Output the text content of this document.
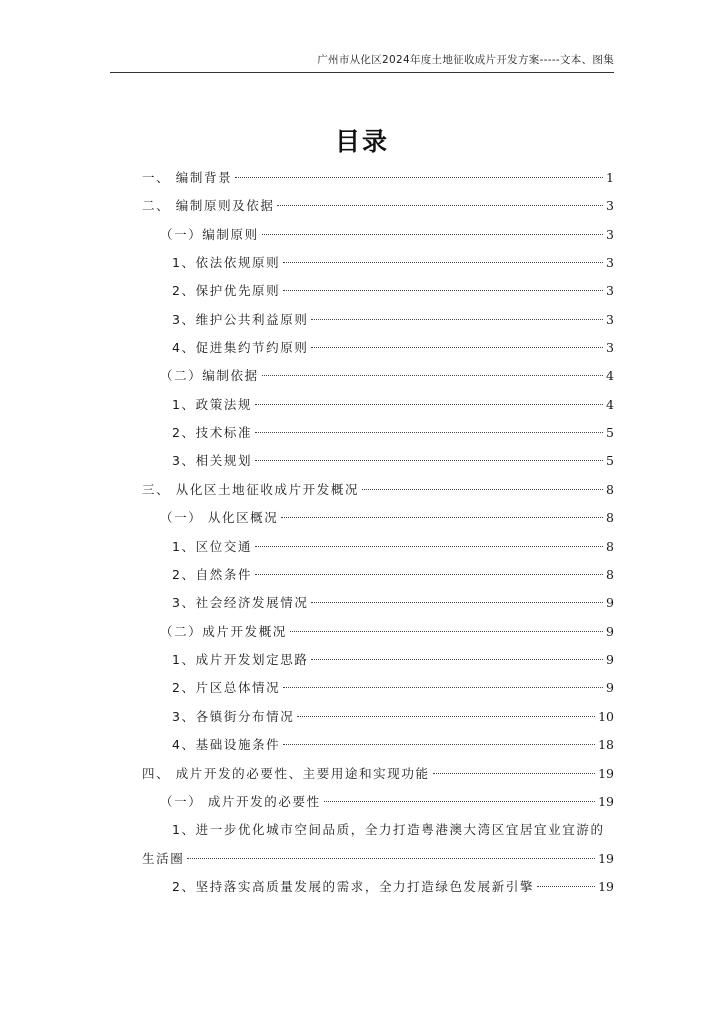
广州市从化区2024年度土地征收成片开发方案-----文本、图集
目录
一、 编制背景	1
二、 编制原则及依据	3
（一）编制原则	3
1、依法依规原则	3
2、保护优先原则	3
3、维护公共利益原则	3
4、促进集约节约原则	3
（二）编制依据	4
1、政策法规	4
2、技术标准	5
3、相关规划	5
三、 从化区土地征收成片开发概况	8
（一） 从化区概况	8
1、区位交通	8
2、自然条件	8
3、社会经济发展情况	9
（二）成片开发概况	9
1、成片开发划定思路	9
2、片区总体情况	9
3、各镇街分布情况	10
4、基础设施条件	18
四、 成片开发的必要性、主要用途和实现功能	19
（一） 成片开发的必要性	19
1、进一步优化城市空间品质，全力打造粤港澳大湾区宜居宜业宜游的
生活圈	19
2、坚持落实高质量发展的需求，全力打造绿色发展新引擎	19
